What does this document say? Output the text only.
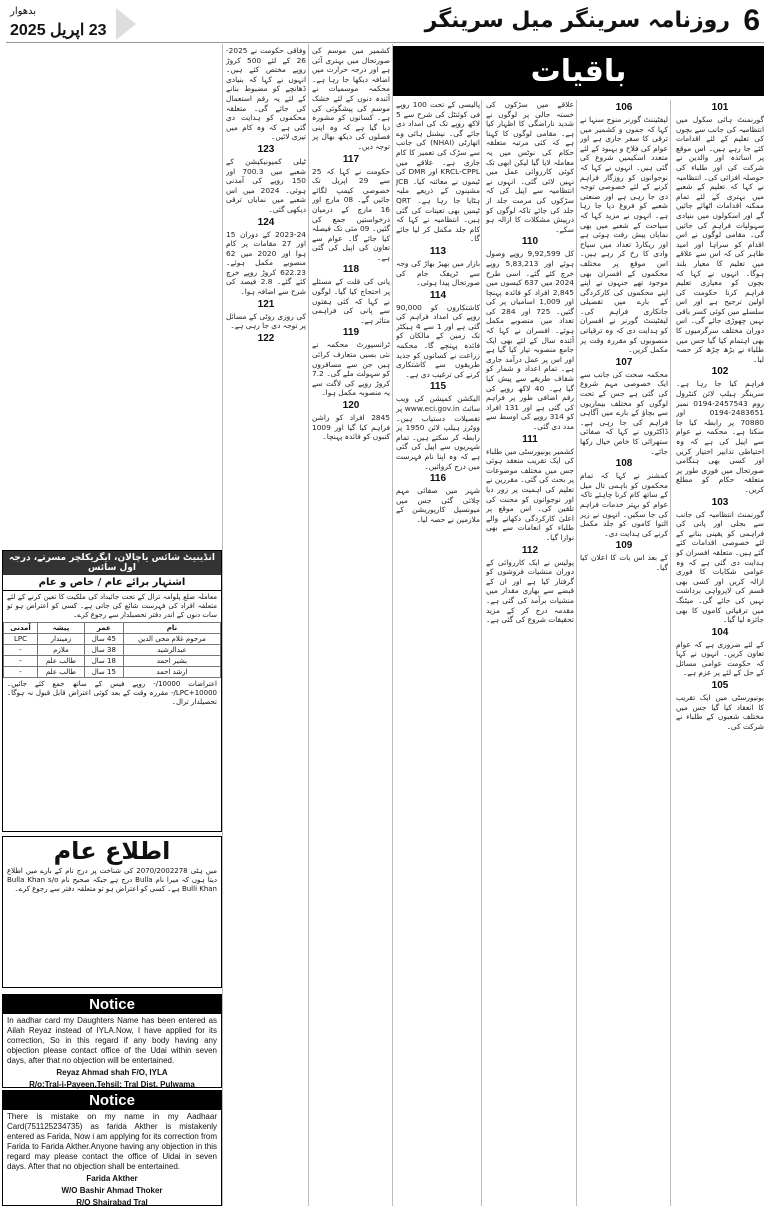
6
روزنامہ سرینگر میل سرینگر
بدھوار
23 اپریل 2025
باقیات
101
گورنمنٹ ہائی سکول میں انتظامیہ کی جانب سے بچوں کی تعلیم کے لئے اقدامات کئے جا رہے ہیں۔ اس موقع پر اساتذہ اور والدین نے شرکت کی اور طلباء کی حوصلہ افزائی کی۔ انتظامیہ نے کہا کہ تعلیم کے شعبے میں بہتری کے لئے تمام ممکنہ اقدامات اٹھائے جائیں گے اور اسکولوں میں بنیادی سہولیات فراہم کی جائیں گی۔ مقامی لوگوں نے اس اقدام کو سراہا اور امید ظاہر کی کہ اس سے علاقے میں تعلیم کا معیار بلند ہوگا۔ انہوں نے کہا کہ بچوں کو معیاری تعلیم فراہم کرنا حکومت کی اولین ترجیح ہے اور اس سلسلے میں کوئی کسر باقی نہیں چھوڑی جائے گی۔ اس دوران مختلف سرگرمیوں کا بھی اہتمام کیا گیا جس میں طلباء نے بڑھ چڑھ کر حصہ لیا۔
102
فراہم کیا جا رہا ہے۔ سرینگر ہیلپ لائن کنٹرول روم 2457543-0194 نمبر 2483651-0194 اور 70880 پر رابطہ کیا جا سکتا ہے۔ محکمہ نے عوام سے اپیل کی ہے کہ وہ احتیاطی تدابیر اختیار کریں اور کسی بھی ہنگامی صورتحال میں فوری طور پر متعلقہ حکام کو مطلع کریں۔
103
گورنمنٹ انتظامیہ کی جانب سے بجلی اور پانی کی فراہمی کو یقینی بنانے کے لئے خصوصی اقدامات کئے گئے ہیں۔ متعلقہ افسران کو ہدایت دی گئی ہے کہ وہ عوامی شکایات کا فوری ازالہ کریں اور کسی بھی قسم کی لاپرواہی برداشت نہیں کی جائے گی۔ میٹنگ میں ترقیاتی کاموں کا بھی جائزہ لیا گیا۔
104
کے لئے ضروری ہے کہ عوام تعاون کریں۔ انہوں نے کہا کہ حکومت عوامی مسائل کے حل کے لئے پر عزم ہے۔
105
یونیورسٹی میں ایک تقریب کا انعقاد کیا گیا جس میں مختلف شعبوں کے طلباء نے شرکت کی۔
106
لیفٹیننٹ گورنر منوج سنہا نے کہا کہ جموں و کشمیر میں ترقی کا سفر جاری ہے اور عوام کی فلاح و بہبود کے لئے متعدد اسکیمیں شروع کی گئی ہیں۔ انہوں نے کہا کہ نوجوانوں کو روزگار فراہم کرنے کے لئے خصوصی توجہ دی جا رہی ہے اور صنعتی شعبے کو فروغ دیا جا رہا ہے۔ انہوں نے مزید کہا کہ سیاحت کے شعبے میں بھی نمایاں پیش رفت ہوئی ہے اور ریکارڈ تعداد میں سیاح وادی کا رخ کر رہے ہیں۔ اس موقع پر مختلف محکموں کے افسران بھی موجود تھے جنہوں نے اپنے اپنے محکموں کی کارکردگی کے بارے میں تفصیلی جانکاری فراہم کی۔ لیفٹیننٹ گورنر نے افسران کو ہدایت دی کہ وہ ترقیاتی منصوبوں کو مقررہ وقت پر مکمل کریں۔
107
محکمہ صحت کی جانب سے ایک خصوصی مہم شروع کی گئی ہے جس کے تحت لوگوں کو مختلف بیماریوں سے بچاؤ کے بارے میں آگاہی فراہم کی جا رہی ہے۔ ڈاکٹروں نے کہا کہ صفائی ستھرائی کا خاص خیال رکھا جائے۔
108
کمشنر نے کہا کہ تمام محکموں کو باہمی تال میل کے ساتھ کام کرنا چاہئے تاکہ عوام کو بہتر خدمات فراہم کی جا سکیں۔ انہوں نے زیر التوا کاموں کو جلد مکمل کرنے کی ہدایت دی۔
109
کے بعد اس بات کا اعلان کیا گیا۔
علاقے میں سڑکوں کی خستہ حالی پر لوگوں نے شدید ناراضگی کا اظہار کیا ہے۔ مقامی لوگوں کا کہنا ہے کہ کئی مرتبہ متعلقہ حکام کی نوٹس میں یہ معاملہ لایا گیا لیکن ابھی تک کوئی کارروائی عمل میں نہیں لائی گئی۔ انہوں نے انتظامیہ سے اپیل کی کہ سڑکوں کی مرمت جلد از جلد کی جائے تاکہ لوگوں کو درپیش مشکلات کا ازالہ ہو سکے۔
110
کل 9,92,599 روپے وصول ہوئے اور 5,83,213 روپے خرچ کئے گئے۔ اسی طرح 2024 میں 637 کیسوں میں 2,845 افراد کو فائدہ پہنچا اور 1,009 اسامیاں پر کی گئیں۔ 725 اور 284 کی تعداد میں منصوبے مکمل ہوئے۔ افسران نے کہا کہ آئندہ سال کے لئے بھی ایک جامع منصوبہ تیار کیا گیا ہے اور اس پر عمل درآمد جاری ہے۔ تمام اعداد و شمار کو شفاف طریقے سے پیش کیا گیا ہے۔ 40 لاکھ روپے کی رقم اضافی طور پر فراہم کی گئی ہے اور 131 افراد کو 314 روپے کی اوسط سے مدد دی گئی۔
111
کشمیر یونیورسٹی میں طلباء کی ایک تقریب منعقد ہوئی جس میں مختلف موضوعات پر بحث کی گئی۔ مقررین نے تعلیم کی اہمیت پر زور دیا اور نوجوانوں کو محنت کی تلقین کی۔ اس موقع پر اعلیٰ کارکردگی دکھانے والے طلباء کو انعامات سے بھی نوازا گیا۔
112
پولیس نے ایک کارروائی کے دوران منشیات فروشوں کو گرفتار کیا ہے اور ان کے قبضے سے بھاری مقدار میں منشیات برآمد کی گئی ہے۔ مقدمہ درج کر کے مزید تحقیقات شروع کی گئی ہے۔
پالیسی کے تحت 100 روپے فی کوئنٹل کی شرح سے 5 لاکھ روپے تک کی امداد دی جائے گی۔ نیشنل ہائی وے اتھارٹی (NHAI) کی جانب سے سڑک کی تعمیر کا کام جاری ہے۔ علاقے میں KRCL-CPPL اور DMR کی ٹیموں نے معائنہ کیا۔ JCB مشینوں کے ذریعے ملبہ ہٹایا جا رہا ہے۔ QRT ٹیمیں بھی تعینات کی گئی ہیں۔ انتظامیہ نے کہا کہ کام جلد مکمل کر لیا جائے گا۔
113
بازار میں بھیڑ بھاڑ کی وجہ سے ٹریفک جام کی صورتحال پیدا ہوئی۔
114
کاشتکاروں کو 90,000 روپے کی امداد فراہم کی گئی ہے اور 1 سے 4 ہیکٹر تک زمین کے مالکان کو فائدہ پہنچے گا۔ محکمہ زراعت نے کسانوں کو جدید طریقوں سے کاشتکاری کرنے کی ترغیب دی ہے۔
115
الیکشن کمیشن کی ویب سائٹ www.eci.gov.in پر تفصیلات دستیاب ہیں۔ ووٹرز ہیلپ لائن 1950 پر رابطہ کر سکتے ہیں۔ تمام شہریوں سے اپیل کی گئی ہے کہ وہ اپنا نام فہرست میں درج کروائیں۔
116
شہر میں صفائی مہم چلائی گئی جس میں میونسپل کارپوریشن کے ملازمین نے حصہ لیا۔
کشمیر میں موسم کی صورتحال میں بہتری آئی ہے اور درجہ حرارت میں اضافہ دیکھا جا رہا ہے۔ محکمہ موسمیات نے آئندہ دنوں کے لئے خشک موسم کی پیشگوئی کی ہے۔ کسانوں کو مشورہ دیا گیا ہے کہ وہ اپنی فصلوں کی دیکھ بھال پر توجہ دیں۔
117
حکومت نے کہا کہ 25 سے 29 اپریل تک خصوصی کیمپ لگائے جائیں گے۔ 08 مارچ اور 16 مارچ کے درمیان درخواستیں جمع کی گئیں۔ 09 مئی تک فیصلہ کیا جائے گا۔ عوام سے تعاون کی اپیل کی گئی ہے۔
118
پانی کی قلت کے مسئلے پر احتجاج کیا گیا۔ لوگوں نے کہا کہ کئی ہفتوں سے پانی کی فراہمی متاثر ہے۔
119
ٹرانسپورٹ محکمہ نے نئی بسیں متعارف کرائی ہیں جن سے مسافروں کو سہولت ملے گی۔ 7.2 کروڑ روپے کی لاگت سے یہ منصوبہ مکمل ہوا۔
120
2845 افراد کو راشن فراہم کیا گیا اور 1009 کنبوں کو فائدہ پہنچا۔
وفاقی حکومت نے 2025-26 کے لئے 500 کروڑ روپے مختص کئے ہیں۔ انہوں نے کہا کہ بنیادی ڈھانچے کو مضبوط بنانے کے لئے یہ رقم استعمال کی جائے گی۔ متعلقہ محکموں کو ہدایت دی گئی ہے کہ وہ کام میں تیزی لائیں۔
123
ٹیلی کمیونیکیشن کے شعبے میں 700.3 اور 150 روپے کی آمدنی ہوئی۔ 2024 میں اس شعبے میں نمایاں ترقی دیکھی گئی۔
124
2023-24 کے دوران 15 اور 27 مقامات پر کام ہوا اور 2020 میں 62 منصوبے مکمل ہوئے۔ 622.23 کروڑ روپے خرچ کئے گئے۔ 2.8 فیصد کی شرح سے اضافہ ہوا۔
121
کی روزی روٹی کے مسائل پر توجہ دی جا رہی ہے۔
122
انڈینیٹ شائس یاچالان، ایگریکلچر مسرتے، درجہ اول سائس
اشتہار برائے عام / خاص و عام
معاملہ ضلع پلوامہ ترال کے تحت جائیداد کی ملکیت کا تعین کرنے کے لئے متعلقہ افراد کی فہرست شائع کی جاتی ہے۔ کسی کو اعتراض ہو تو سات دنوں کے اندر دفتر تحصیلدار سے رجوع کرے۔
نام	عمر	پیشہ	آمدنی
مرحوم غلام محی الدین	45 سال	زمیندار	LPC
عبدالرشید	38 سال	ملازم	-
بشیر احمد	18 سال	طالب علم	-
ارشد احمد	15 سال	طالب علم	-
اعتراضات 10000/- روپے فیس کے ساتھ جمع کئے جائیں۔ LPC+10000/- مقررہ وقت کے بعد کوئی اعتراض قابل قبول نہ ہوگا۔ تحصیلدار ترال۔
اطلاع عام
میں ہٹی 2070/2002278 کی شناخت پر درج نام کے بارے میں اطلاع دیتا ہوں کہ میرا نام Bulla درج ہے جبکہ صحیح نام Bulla Khan s/o Bulli Khan ہے۔ کسی کو اعتراض ہو تو متعلقہ دفتر سے رجوع کرے۔
Notice
In aadhar card my Daughters Name has been entered as Ailah Reyaz instead of IYLA.Now, I have applied for its correction, So in this regard if any body having any objection please contact office of the Udai within seven days, after that no objection will be entertained.
Reyaz Ahmad shah F/O, IYLA
R/o:Tral-i-Payeen.Tehsil: Tral Dist. Pulwama
Notice
There is mistake on my name in my Aadhaar Card(751125234735) as farida Akther is mistakenly entered as Farida, Now i am applying for its correction from Farida to Farida Akther.Anyone having any objection in this regard may please contact the office of Uidai in seven days. After that no objection shall be entertained.
Farida Akther
W/O Bashir Ahmad Thoker
R/O Shairabad Tral
